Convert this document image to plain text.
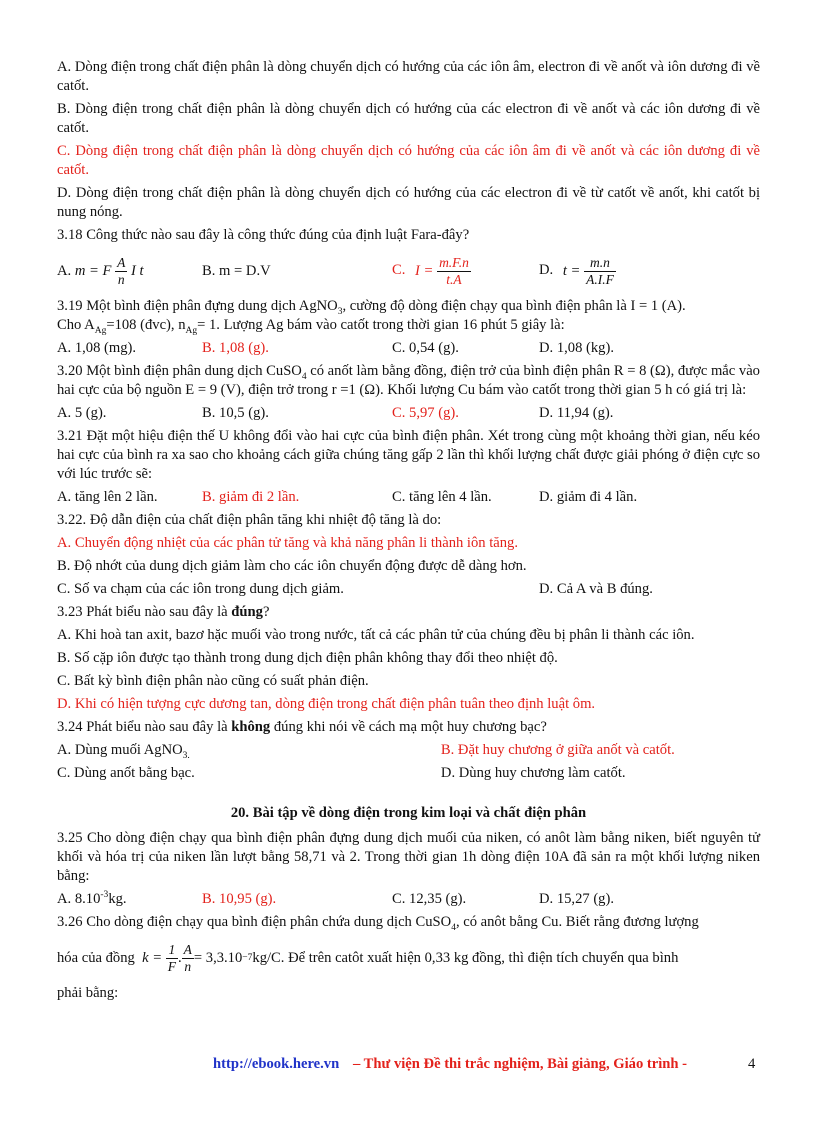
A. Dòng điện trong chất điện phân là dòng chuyển dịch có hướng của các iôn âm, electron đi về anốt và iôn dương đi về catốt.

B. Dòng điện trong chất điện phân là dòng chuyển dịch có hướng của các electron đi về anốt và các iôn dương đi về catốt.

C. Dòng điện trong chất điện phân là dòng chuyển dịch có hướng của các iôn âm đi về anốt và các iôn dương đi về catốt.

D. Dòng điện trong chất điện phân là dòng chuyển dịch có hướng của các electron đi về từ catốt về anốt, khi catốt bị nung nóng.

3.18 Công thức nào sau đây là công thức đúng của định luật Fara-đây?

A. m = F $\frac{A}{n}$ I t	B. m = D.V	C. $I = \frac{m.F.n}{t.A}$	D. $t = \frac{m.n}{A.I.F}$

3.19 Một bình điện phân đựng dung dịch AgNO$_3$, cường độ dòng điện chạy qua bình điện phân là I = 1 (A).
Cho $A_{Ag}=108$ (đvc), $n_{Ag}= 1$. Lượng Ag bám vào catốt trong thời gian 16 phút 5 giây là:

A. 1,08 (mg).	B. 1,08 (g).	C. 0,54 (g).	D. 1,08 (kg).

3.20 Một bình điện phân dung dịch CuSO$_4$ có anốt làm bằng đồng, điện trở của bình điện phân R = 8 (Ω), được mắc vào hai cực của bộ nguồn E = 9 (V), điện trở trong r =1 (Ω). Khối lượng Cu bám vào catốt trong thời gian 5 h có giá trị là:

A. 5 (g).	B. 10,5 (g).	C. 5,97 (g).	D. 11,94 (g).

3.21 Đặt một hiệu điện thế U không đổi vào hai cực của bình điện phân. Xét trong cùng một khoảng thời gian, nếu kéo hai cực của bình ra xa sao cho khoảng cách giữa chúng tăng gấp 2 lần thì khối lượng chất được giải phóng ở điện cực so với lúc trước sẽ:

A. tăng lên 2 lần.	B. giảm đi 2 lần.	C. tăng lên 4 lần.	D. giảm đi 4 lần.

3.22. Độ dẫn điện của chất điện phân tăng khi nhiệt độ tăng là do:

A. Chuyển động nhiệt của các phân tử tăng và khả năng phân li thành iôn tăng.

B. Độ nhớt của dung dịch giảm làm cho các iôn chuyển động được dễ dàng hơn.

C. Số va chạm của các iôn trong dung dịch giảm.	D. Cả A và B đúng.

3.23 Phát biểu nào sau đây là đúng?

A. Khi hoà tan axit, bazơ hặc muối vào trong nước, tất cả các phân tử của chúng đều bị phân li thành các iôn.

B. Số cặp iôn được tạo thành trong dung dịch điện phân không thay đổi theo nhiệt độ.

C. Bất kỳ bình điện phân nào cũng có suất phản điện.

D. Khi có hiện tượng cực dương tan, dòng điện trong chất điện phân tuân theo định luật ôm.

3.24 Phát biểu nào sau đây là không đúng khi nói về cách mạ một huy chương bạc?

A. Dùng muối AgNO$_{3.}$	B. Đặt huy chương ở giữa anốt và catốt.
C. Dùng anốt bằng bạc.	D. Dùng huy chương làm catốt.

20. Bài tập về dòng điện trong kim loại và chất điện phân

3.25 Cho dòng điện chạy qua bình điện phân đựng dung dịch muối của niken, có anôt làm bằng niken, biết nguyên tử khối và hóa trị của niken lần lượt bằng 58,71 và 2. Trong thời gian 1h dòng điện 10A đã sản ra một khối lượng niken bằng:

A. $8.10^{-3}kg$.	B. 10,95 (g).	C. 12,35 (g).	D. 15,27 (g).

3.26 Cho dòng điện chạy qua bình điện phân chứa dung dịch CuSO$_4$, có anôt bằng Cu. Biết rằng đương lượng

hóa của đồng
k =
$\frac{1}{F}$ . $\frac{A}{n} = 3,3.10 -7$ kg/C. Để trên catôt xuất hiện 0,33 kg đồng, thì điện tích chuyển qua bình

phải bằng:

http://ebook.here.vn – Thư viện Đề thi trắc nghiệm, Bài giảng, Giáo trình -	4
